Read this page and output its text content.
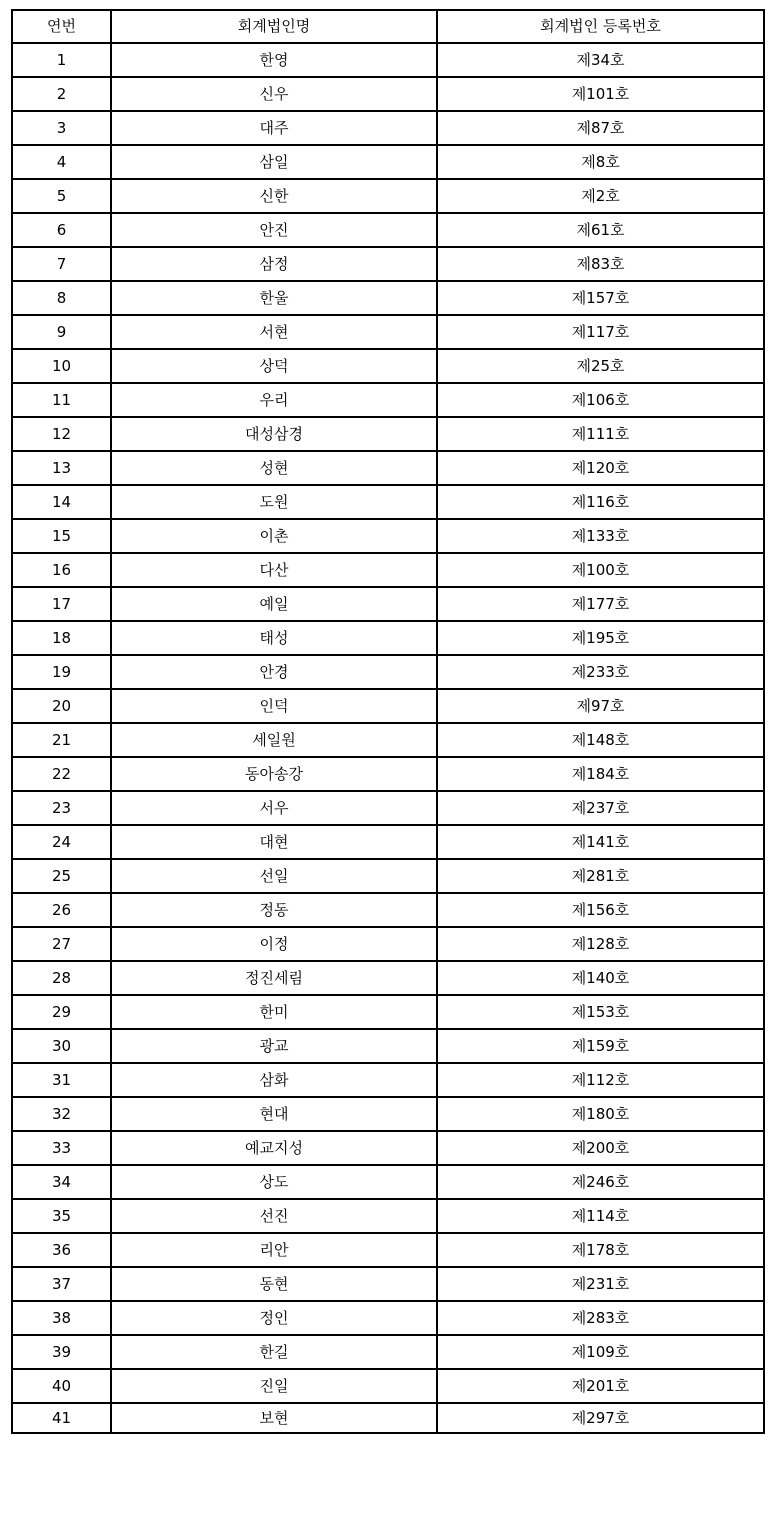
연번	회계법인명	회계법인 등록번호
1	한영	제34호
2	신우	제101호
3	대주	제87호
4	삼일	제8호
5	신한	제2호
6	안진	제61호
7	삼정	제83호
8	한울	제157호
9	서현	제117호
10	상덕	제25호
11	우리	제106호
12	대성삼경	제111호
13	성현	제120호
14	도원	제116호
15	이촌	제133호
16	다산	제100호
17	예일	제177호
18	태성	제195호
19	안경	제233호
20	인덕	제97호
21	세일원	제148호
22	동아송강	제184호
23	서우	제237호
24	대현	제141호
25	선일	제281호
26	정동	제156호
27	이정	제128호
28	정진세림	제140호
29	한미	제153호
30	광교	제159호
31	삼화	제112호
32	현대	제180호
33	예교지성	제200호
34	상도	제246호
35	선진	제114호
36	리안	제178호
37	동현	제231호
38	정인	제283호
39	한길	제109호
40	진일	제201호
41	보현	제297호
